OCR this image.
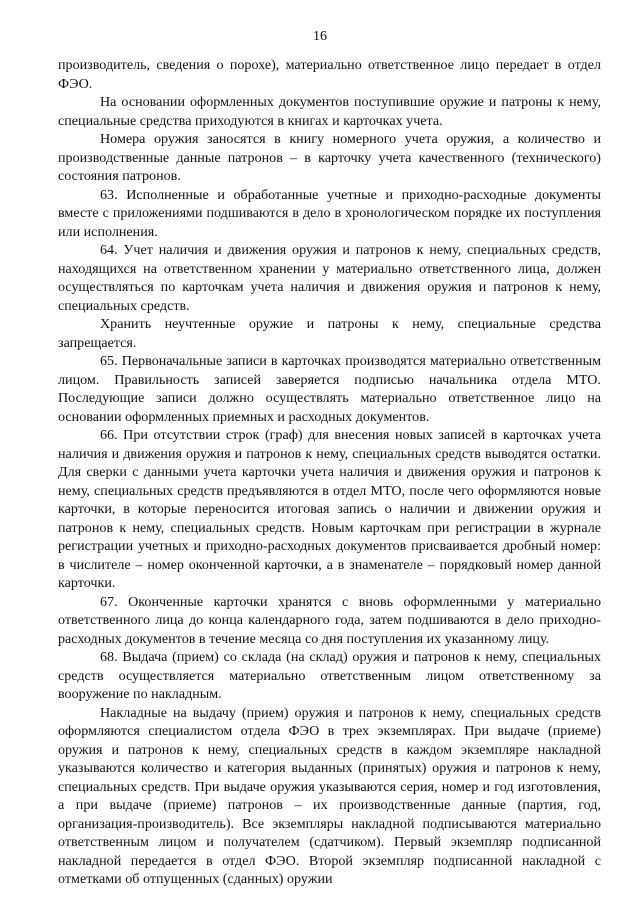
16

производитель, сведения о порохе), материально ответственное лицо передает в отдел ФЭО.

На основании оформленных документов поступившие оружие и патроны к нему, специальные средства приходуются в книгах и карточках учета.

Номера оружия заносятся в книгу номерного учета оружия, а количество и производственные данные патронов – в карточку учета качественного (технического) состояния патронов.

63. Исполненные и обработанные учетные и приходно-расходные документы вместе с приложениями подшиваются в дело в хронологическом порядке их поступления или исполнения.

64. Учет наличия и движения оружия и патронов к нему, специальных средств, находящихся на ответственном хранении у материально ответственного лица, должен осуществляться по карточкам учета наличия и движения оружия и патронов к нему, специальных средств.

Хранить неучтенные оружие и патроны к нему, специальные средства запрещается.

65. Первоначальные записи в карточках производятся материально ответственным лицом. Правильность записей заверяется подписью начальника отдела МТО. Последующие записи должно осуществлять материально ответственное лицо на основании оформленных приемных и расходных документов.

66. При отсутствии строк (граф) для внесения новых записей в карточках учета наличия и движения оружия и патронов к нему, специальных средств выводятся остатки. Для сверки с данными учета карточки учета наличия и движения оружия и патронов к нему, специальных средств предъявляются в отдел МТО, после чего оформляются новые карточки, в которые переносится итоговая запись о наличии и движении оружия и патронов к нему, специальных средств. Новым карточкам при регистрации в журнале регистрации учетных и приходно-расходных документов присваивается дробный номер: в числителе – номер оконченной карточки, а в знаменателе – порядковый номер данной карточки.

67. Оконченные карточки хранятся с вновь оформленными у материально ответственного лица до конца календарного года, затем подшиваются в дело приходно-расходных документов в течение месяца со дня поступления их указанному лицу.

68. Выдача (прием) со склада (на склад) оружия и патронов к нему, специальных средств осуществляется материально ответственным лицом ответственному за вооружение по накладным.

Накладные на выдачу (прием) оружия и патронов к нему, специальных средств оформляются специалистом отдела ФЭО в трех экземплярах. При выдаче (приеме) оружия и патронов к нему, специальных средств в каждом экземпляре накладной указываются количество и категория выданных (принятых) оружия и патронов к нему, специальных средств. При выдаче оружия указываются серия, номер и год изготовления, а при выдаче (приеме) патронов – их производственные данные (партия, год, организация-производитель). Все экземпляры накладной подписываются материально ответственным лицом и получателем (сдатчиком). Первый экземпляр подписанной накладной передается в отдел ФЭО. Второй экземпляр подписанной накладной с отметками об отпущенных (сданных) оружии
